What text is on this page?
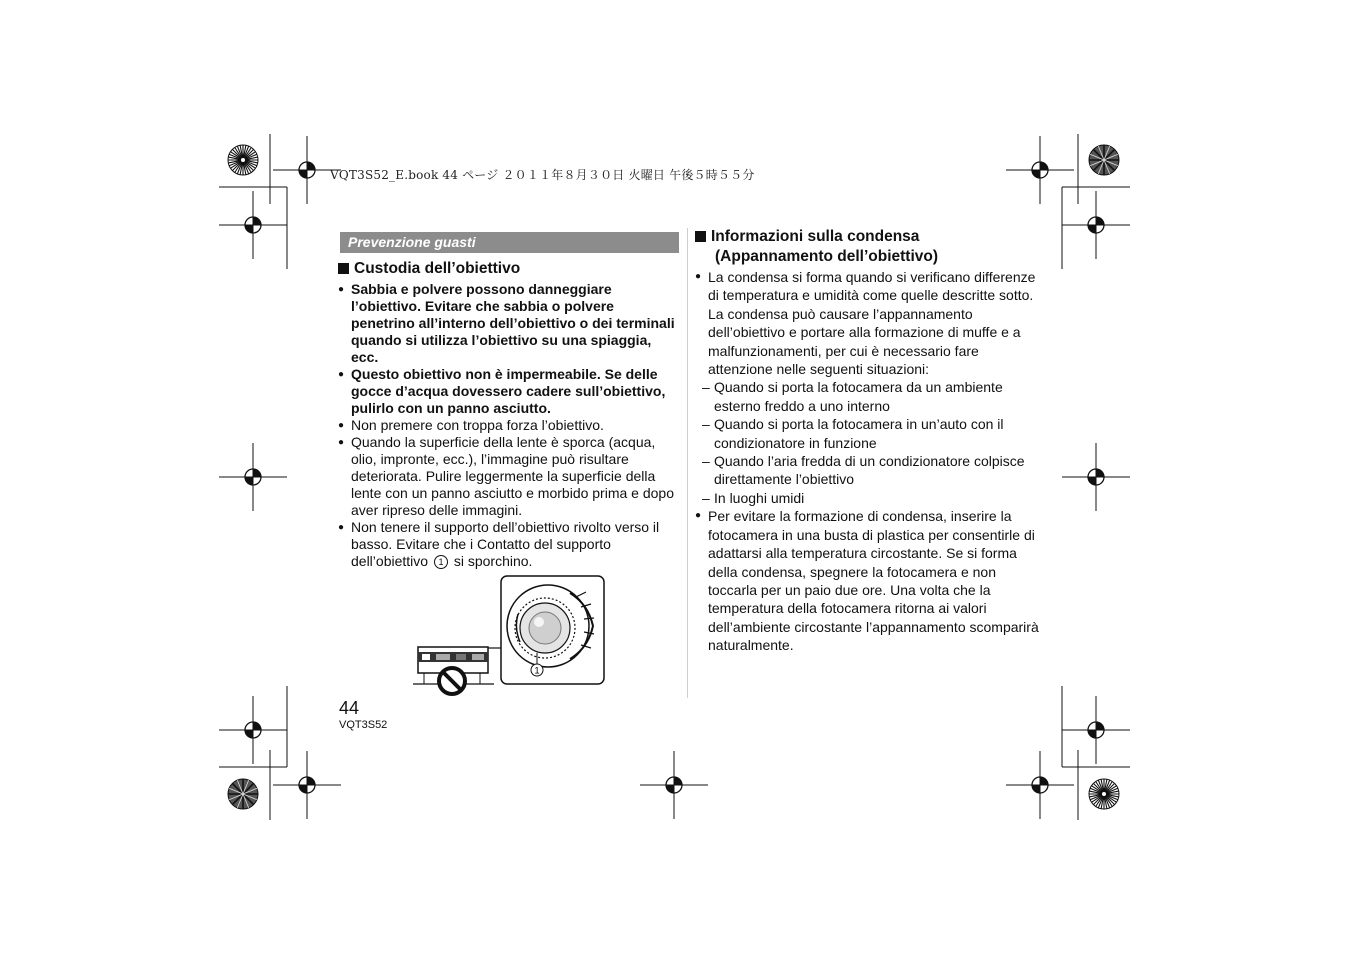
VQT3S52_E.book 44 ページ ２０１１年８月３０日 火曜日 午後５時５５分
Prevenzione guasti
Custodia dell’obiettivo
● Sabbia e polvere possono danneggiare l’obiettivo. Evitare che sabbia o polvere penetrino all’interno dell’obiettivo o dei terminali quando si utilizza l’obiettivo su una spiaggia, ecc.
● Questo obiettivo non è impermeabile. Se delle gocce d’acqua dovessero cadere sull’obiettivo, pulirlo con un panno asciutto.
● Non premere con troppa forza l’obiettivo.
● Quando la superficie della lente è sporca (acqua, olio, impronte, ecc.), l’immagine può risultare deteriorata. Pulire leggermente la superficie della lente con un panno asciutto e morbido prima e dopo aver ripreso delle immagini.
● Non tenere il supporto dell’obiettivo rivolto verso il basso. Evitare che i Contatto del supporto dell’obiettivo 1 si sporchino.
1
Informazioni sulla condensa
(Appannamento dell’obiettivo)
● La condensa si forma quando si verificano differenze di temperatura e umidità come quelle descritte sotto. La condensa può causare l’appannamento dell’obiettivo e portare alla formazione di muffe e a malfunzionamenti, per cui è necessario fare attenzione nelle seguenti situazioni:
– Quando si porta la fotocamera da un ambiente esterno freddo a uno interno
– Quando si porta la fotocamera in un’auto con il condizionatore in funzione
– Quando l’aria fredda di un condizionatore colpisce direttamente l’obiettivo
– In luoghi umidi
● Per evitare la formazione di condensa, inserire la fotocamera in una busta di plastica per consentirle di adattarsi alla temperatura circostante. Se si forma della condensa, spegnere la fotocamera e non toccarla per un paio due ore. Una volta che la temperatura della fotocamera ritorna ai valori dell’ambiente circostante l’appannamento scomparirà naturalmente.
44
VQT3S52
